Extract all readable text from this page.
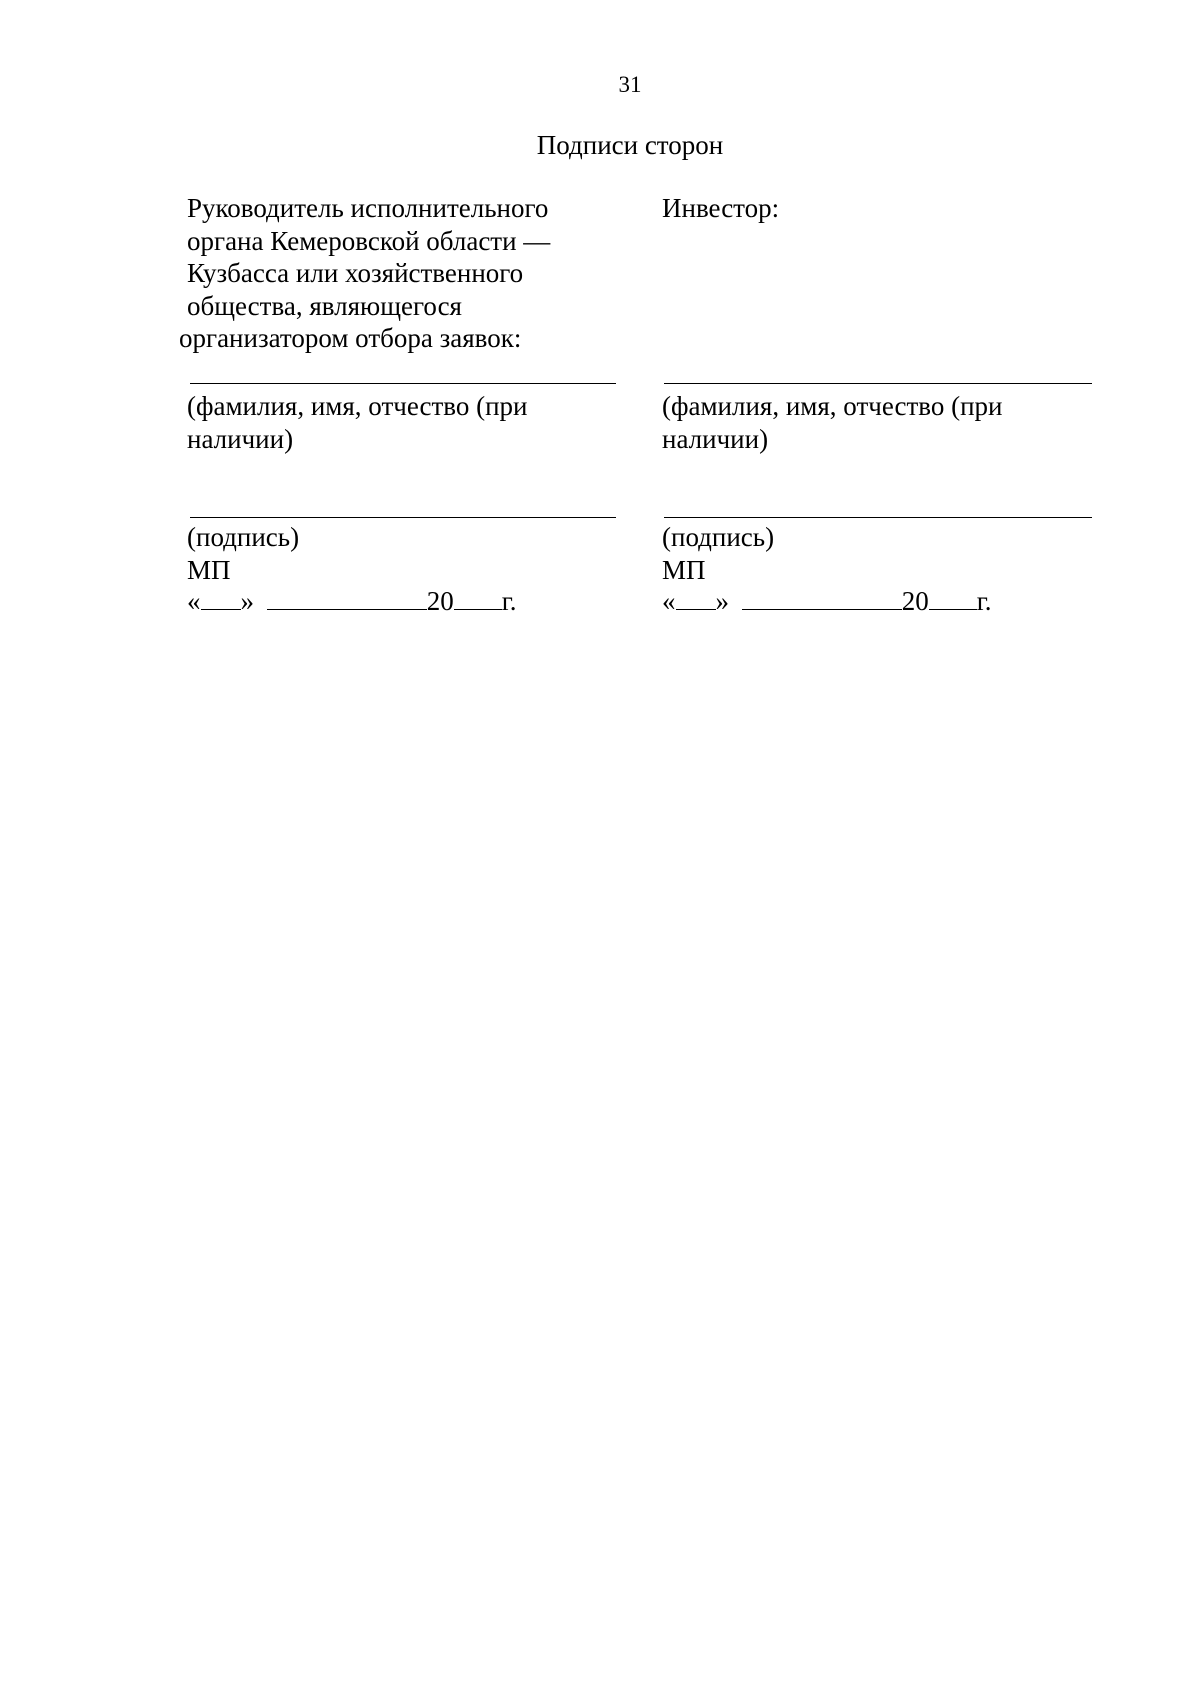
31
Подписи сторон
Руководитель исполнительного
органа Кемеровской области —
Кузбасса или хозяйственного
общества, являющегося
организатором отбора заявок:
(фамилия, имя, отчество (при
наличии)
(подпись)
МП
« »	20 г.
Инвестор:
(фамилия, имя, отчество (при
наличии)
(подпись)
МП
« »	20 г.
